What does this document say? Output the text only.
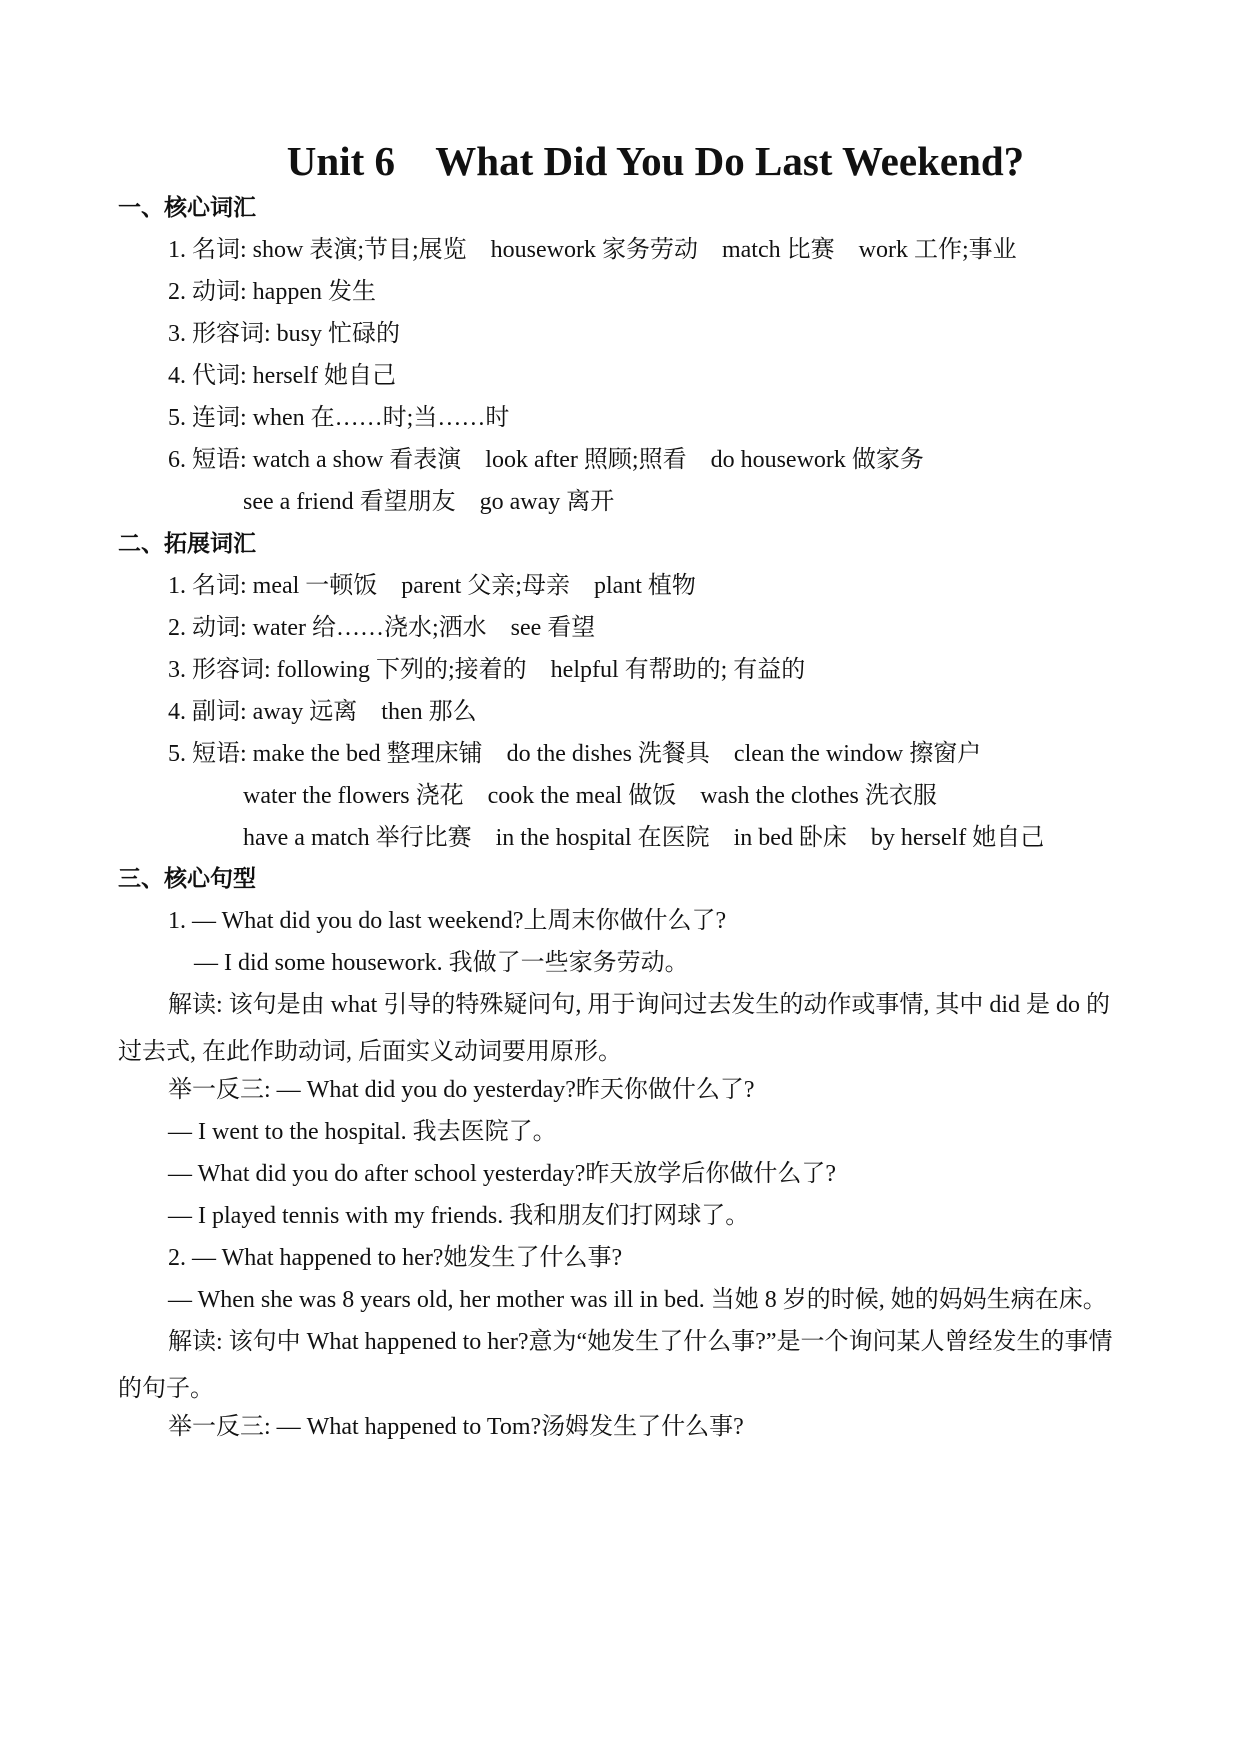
Unit 6    What Did You Do Last Weekend?
一、核心词汇
1. 名词: show 表演;节目;展览    housework 家务劳动    match 比赛    work 工作;事业
2. 动词: happen 发生
3. 形容词: busy 忙碌的
4. 代词: herself 她自己
5. 连词: when 在……时;当……时
6. 短语: watch a show 看表演    look after 照顾;照看    do housework 做家务
see a friend 看望朋友    go away 离开
二、拓展词汇
1. 名词: meal 一顿饭    parent 父亲;母亲    plant 植物
2. 动词: water 给……浇水;洒水    see 看望
3. 形容词: following 下列的;接着的    helpful 有帮助的; 有益的
4. 副词: away 远离    then 那么
5. 短语: make the bed 整理床铺    do the dishes 洗餐具    clean the window 擦窗户
water the flowers 浇花    cook the meal 做饭    wash the clothes 洗衣服
have a match 举行比赛    in the hospital 在医院    in bed 卧床    by herself 她自己
三、核心句型
1. — What did you do last weekend?上周末你做什么了?
— I did some housework. 我做了一些家务劳动。
解读: 该句是由 what 引导的特殊疑问句, 用于询问过去发生的动作或事情, 其中 did 是 do 的过去式, 在此作助动词, 后面实义动词要用原形。
举一反三: — What did you do yesterday?昨天你做什么了?
— I went to the hospital. 我去医院了。
— What did you do after school yesterday?昨天放学后你做什么了?
— I played tennis with my friends. 我和朋友们打网球了。
2. — What happened to her?她发生了什么事?
— When she was 8 years old, her mother was ill in bed. 当她 8 岁的时候, 她的妈妈生病在床。
解读: 该句中 What happened to her?意为“她发生了什么事?”是一个询问某人曾经发生的事情的句子。
举一反三: — What happened to Tom?汤姆发生了什么事?
